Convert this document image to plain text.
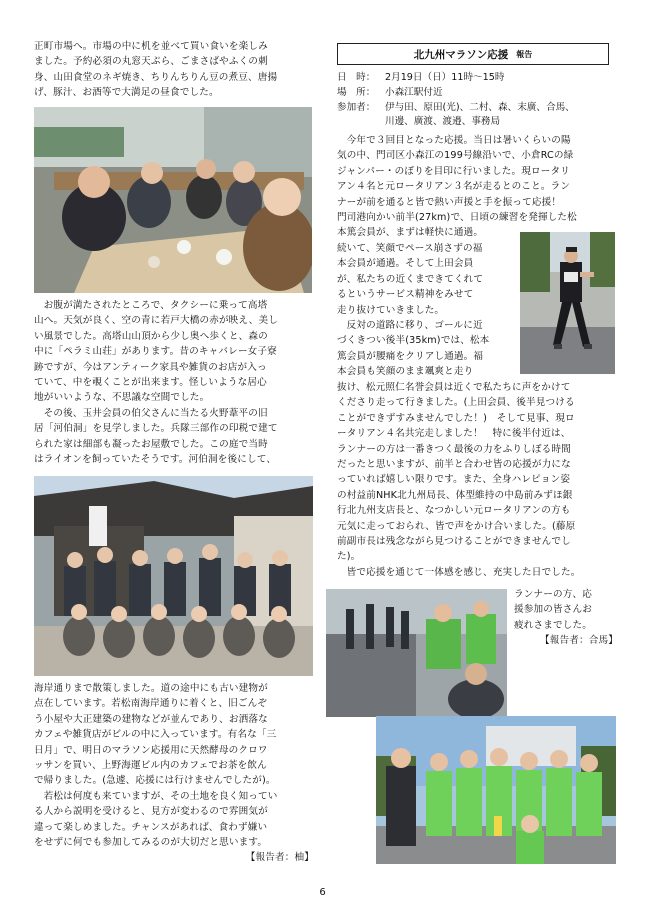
正町市場へ。市場の中に机を並べて買い食いを楽しみ

ました。予約必須の丸窓天ぷら、ごまさばやふくの刺

身、山田食堂のネギ焼き、ちりんちりん豆の煮豆、唐揚

げ、豚汁、お酒等で大満足の昼食でした。

お腹が満たされたところで、タクシーに乗って高塔

山へ。天気が良く、空の青に若戸大橋の赤が映え、美し

い風景でした。高塔山山頂から少し奥へ歩くと、森の

中に「ペラミ山荘」があります。昔のキャバレー女子寮

跡ですが、今はアンティーク家具や雑貨のお店が入っ

ていて、中を覗くことが出来ます。怪しいような居心

地がいいような、不思議な空間でした。

その後、玉井会員の伯父さんに当たる火野葦平の旧

居「河伯洞」を見学しました。兵隊三部作の印税で建て

られた家は細部も凝ったお屋敷でした。この庭で当時

はライオンを飼っていたそうです。河伯洞を後にして、

海岸通りまで散策しました。道の途中にも古い建物が

点在しています。若松南海岸通りに着くと、旧ごんぞ

う小屋や大正建築の建物などが並んであり、お洒落な

カフェや雑貨店がビルの中に入っています。有名な「三

日月」で、明日のマラソン応援用に天然酵母のクロワ

ッサンを買い、上野海運ビル内のカフェでお茶を飲ん

で帰りました。(急遽、応援には行けませんでしたが)。

若松は何度も来ていますが、その土地を良く知ってい

る人から説明を受けると、見方が変わるので雰囲気が

違って楽しめました。チャンスがあれば、食わず嫌い

をせずに何でも参加してみるのが大切だと思います。

【報告者：柚】

北九州マラソン応援 報告
日　時：	2月19日（日）11時～15時
場　所：	小森江駅付近
参加者：	伊与田、原田(光)、二村、森、末廣、合馬、
川邊、廣渡、渡邉、事務局

今年で３回目となった応援。当日は暑いくらいの陽

気の中、門司区小森江の199号線沿いで、小倉RCの緑

ジャンパー・のぼりを目印に行いました。現ロータリ

アン４名と元ロータリアン３名が走るとのこと。ラン

ナーが前を通ると皆で熱い声援と手を振って応援！

門司港向かい前半(27km)で、日頃の練習を発揮した松

本篤会員が、まずは軽快に通過。

続いて、笑顔でペース崩さずの福

本会員が通過。そして上田会員

が、私たちの近くまできてくれて

るというサービス精神をみせて

走り抜けていきました。

反対の道路に移り、ゴールに近

づくきつい後半(35km)では、松本

篤会員が腰痛をクリアし通過。福

本会員も笑顔のまま颯爽と走り

抜け、松元照仁名誉会員は近くで私たちに声をかけて

くださり走って行きました。(上田会員、後半見つける

ことができずすみませんでした！)　そして見事、現ロ

ータリアン４名共完走しました！　特に後半付近は、

ランナーの方は一番きつく最後の力をふりしぼる時間

だったと思いますが、前半と合わせ皆の応援が力にな

っていれば嬉しい限りです。また、全身ハレピョン姿

の村益前NHK北九州局長、体型維持の中島前みずほ銀

行北九州支店長と、なつかしい元ロータリアンの方も

元気に走っておられ、皆で声をかけ合いました。(藤原

前副市長は残念ながら見つけることができませんでし

た)。

皆で応援を通じて一体感を感じ、充実した日でした。

ランナーの方、応

援参加の皆さんお

疲れさまでした。

【報告者：合馬】

6
